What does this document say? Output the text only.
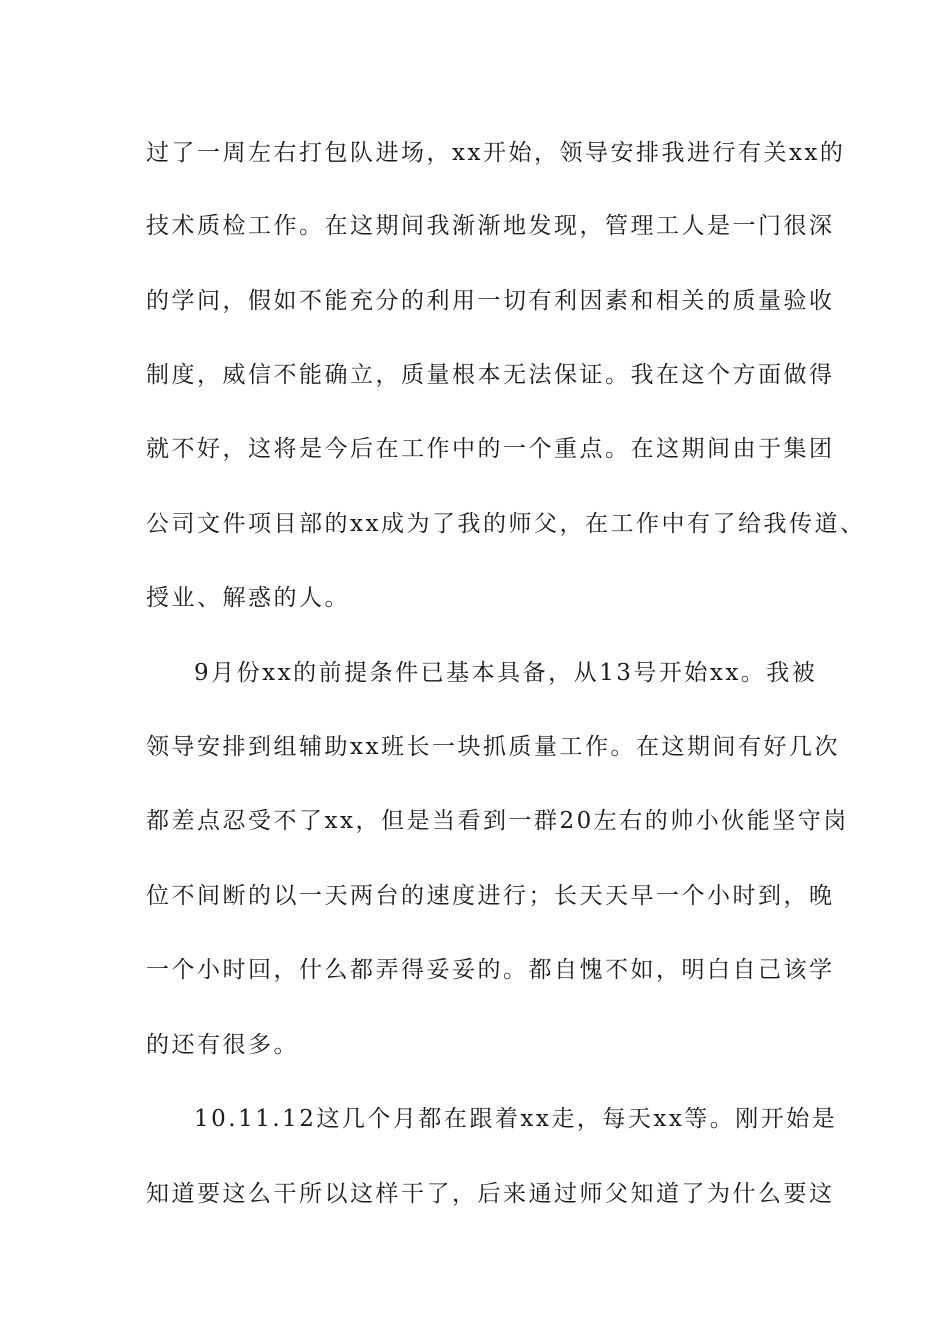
过了一周左右打包队进场，xx开始，领导安排我进行有关xx的
技术质检工作。在这期间我渐渐地发现，管理工人是一门很深
的学问，假如不能充分的利用一切有利因素和相关的质量验收
制度，威信不能确立，质量根本无法保证。我在这个方面做得
就不好，这将是今后在工作中的一个重点。在这期间由于集团
公司文件项目部的xx成为了我的师父，在工作中有了给我传道、
授业、解惑的人。
9月份xx的前提条件已基本具备，从13号开始xx。我被
领导安排到组辅助xx班长一块抓质量工作。在这期间有好几次
都差点忍受不了xx，但是当看到一群20左右的帅小伙能坚守岗
位不间断的以一天两台的速度进行；长天天早一个小时到，晚
一个小时回，什么都弄得妥妥的。都自愧不如，明白自己该学
的还有很多。
10.11.12这几个月都在跟着xx走，每天xx等。刚开始是
知道要这么干所以这样干了，后来通过师父知道了为什么要这
